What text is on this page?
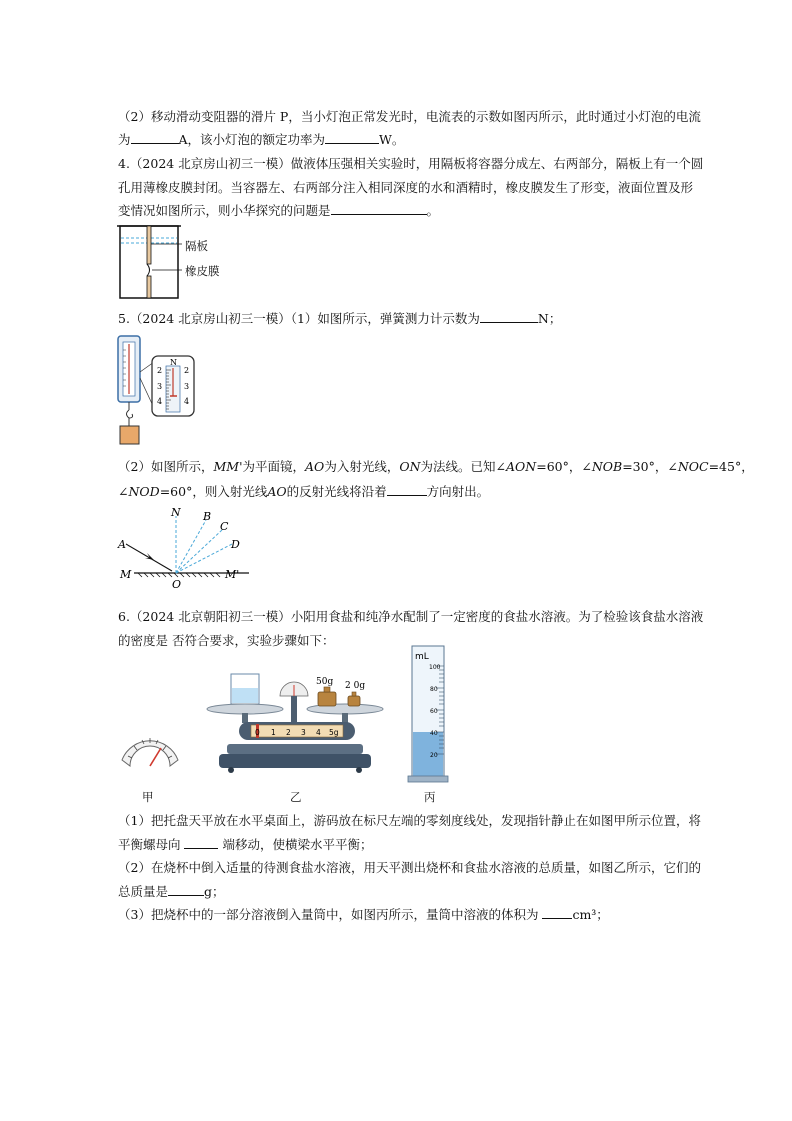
（2）移动滑动变阻器的滑片 P，当小灯泡正常发光时，电流表的示数如图丙所示，此时通过小灯泡的电流
为	A，该小灯泡的额定功率为	W。
4.（2024 北京房山初三一模）做液体压强相关实验时，用隔板将容器分成左、右两部分，隔板上有一个圆
孔用薄橡皮膜封闭。当容器左、右两部分注入相同深度的水和酒精时，橡皮膜发生了形变，液面位置及形
变情况如图所示，则小华探究的问题是	。
隔板
橡皮膜
5.（2024 北京房山初三一模）（1）如图所示，弹簧测力计示数为	N；
N
2
3
4
2
3
4
（2）如图所示，MM'为平面镜，AO为入射光线，ON为法线。已知∠AON=60°，∠NOB=30°，∠NOC=45°，
∠NOD=60°，则入射光线AO的反射光线将沿着	方向射出。
N B
C
D
A
M	M'
O
6.（2024 北京朝阳初三一模）小阳用食盐和纯净水配制了一定密度的食盐水溶液。为了检验该食盐水溶液
的密度是 否符合要求，实验步骤如下：
50g 2 0g
0 1 2 3 4 5g
mL
100
80
60
40
20
甲	乙	丙
（1）把托盘天平放在水平桌面上，游码放在标尺左端的零刻度线处，发现指针静止在如图甲所示位置，将
平衡螺母向	端移动，使横梁水平平衡；
（2）在烧杯中倒入适量的待测食盐水溶液，用天平测出烧杯和食盐水溶液的总质量，如图乙所示，它们的
总质量是	g；
（3）把烧杯中的一部分溶液倒入量筒中，如图丙所示，量筒中溶液的体积为 cm³；
